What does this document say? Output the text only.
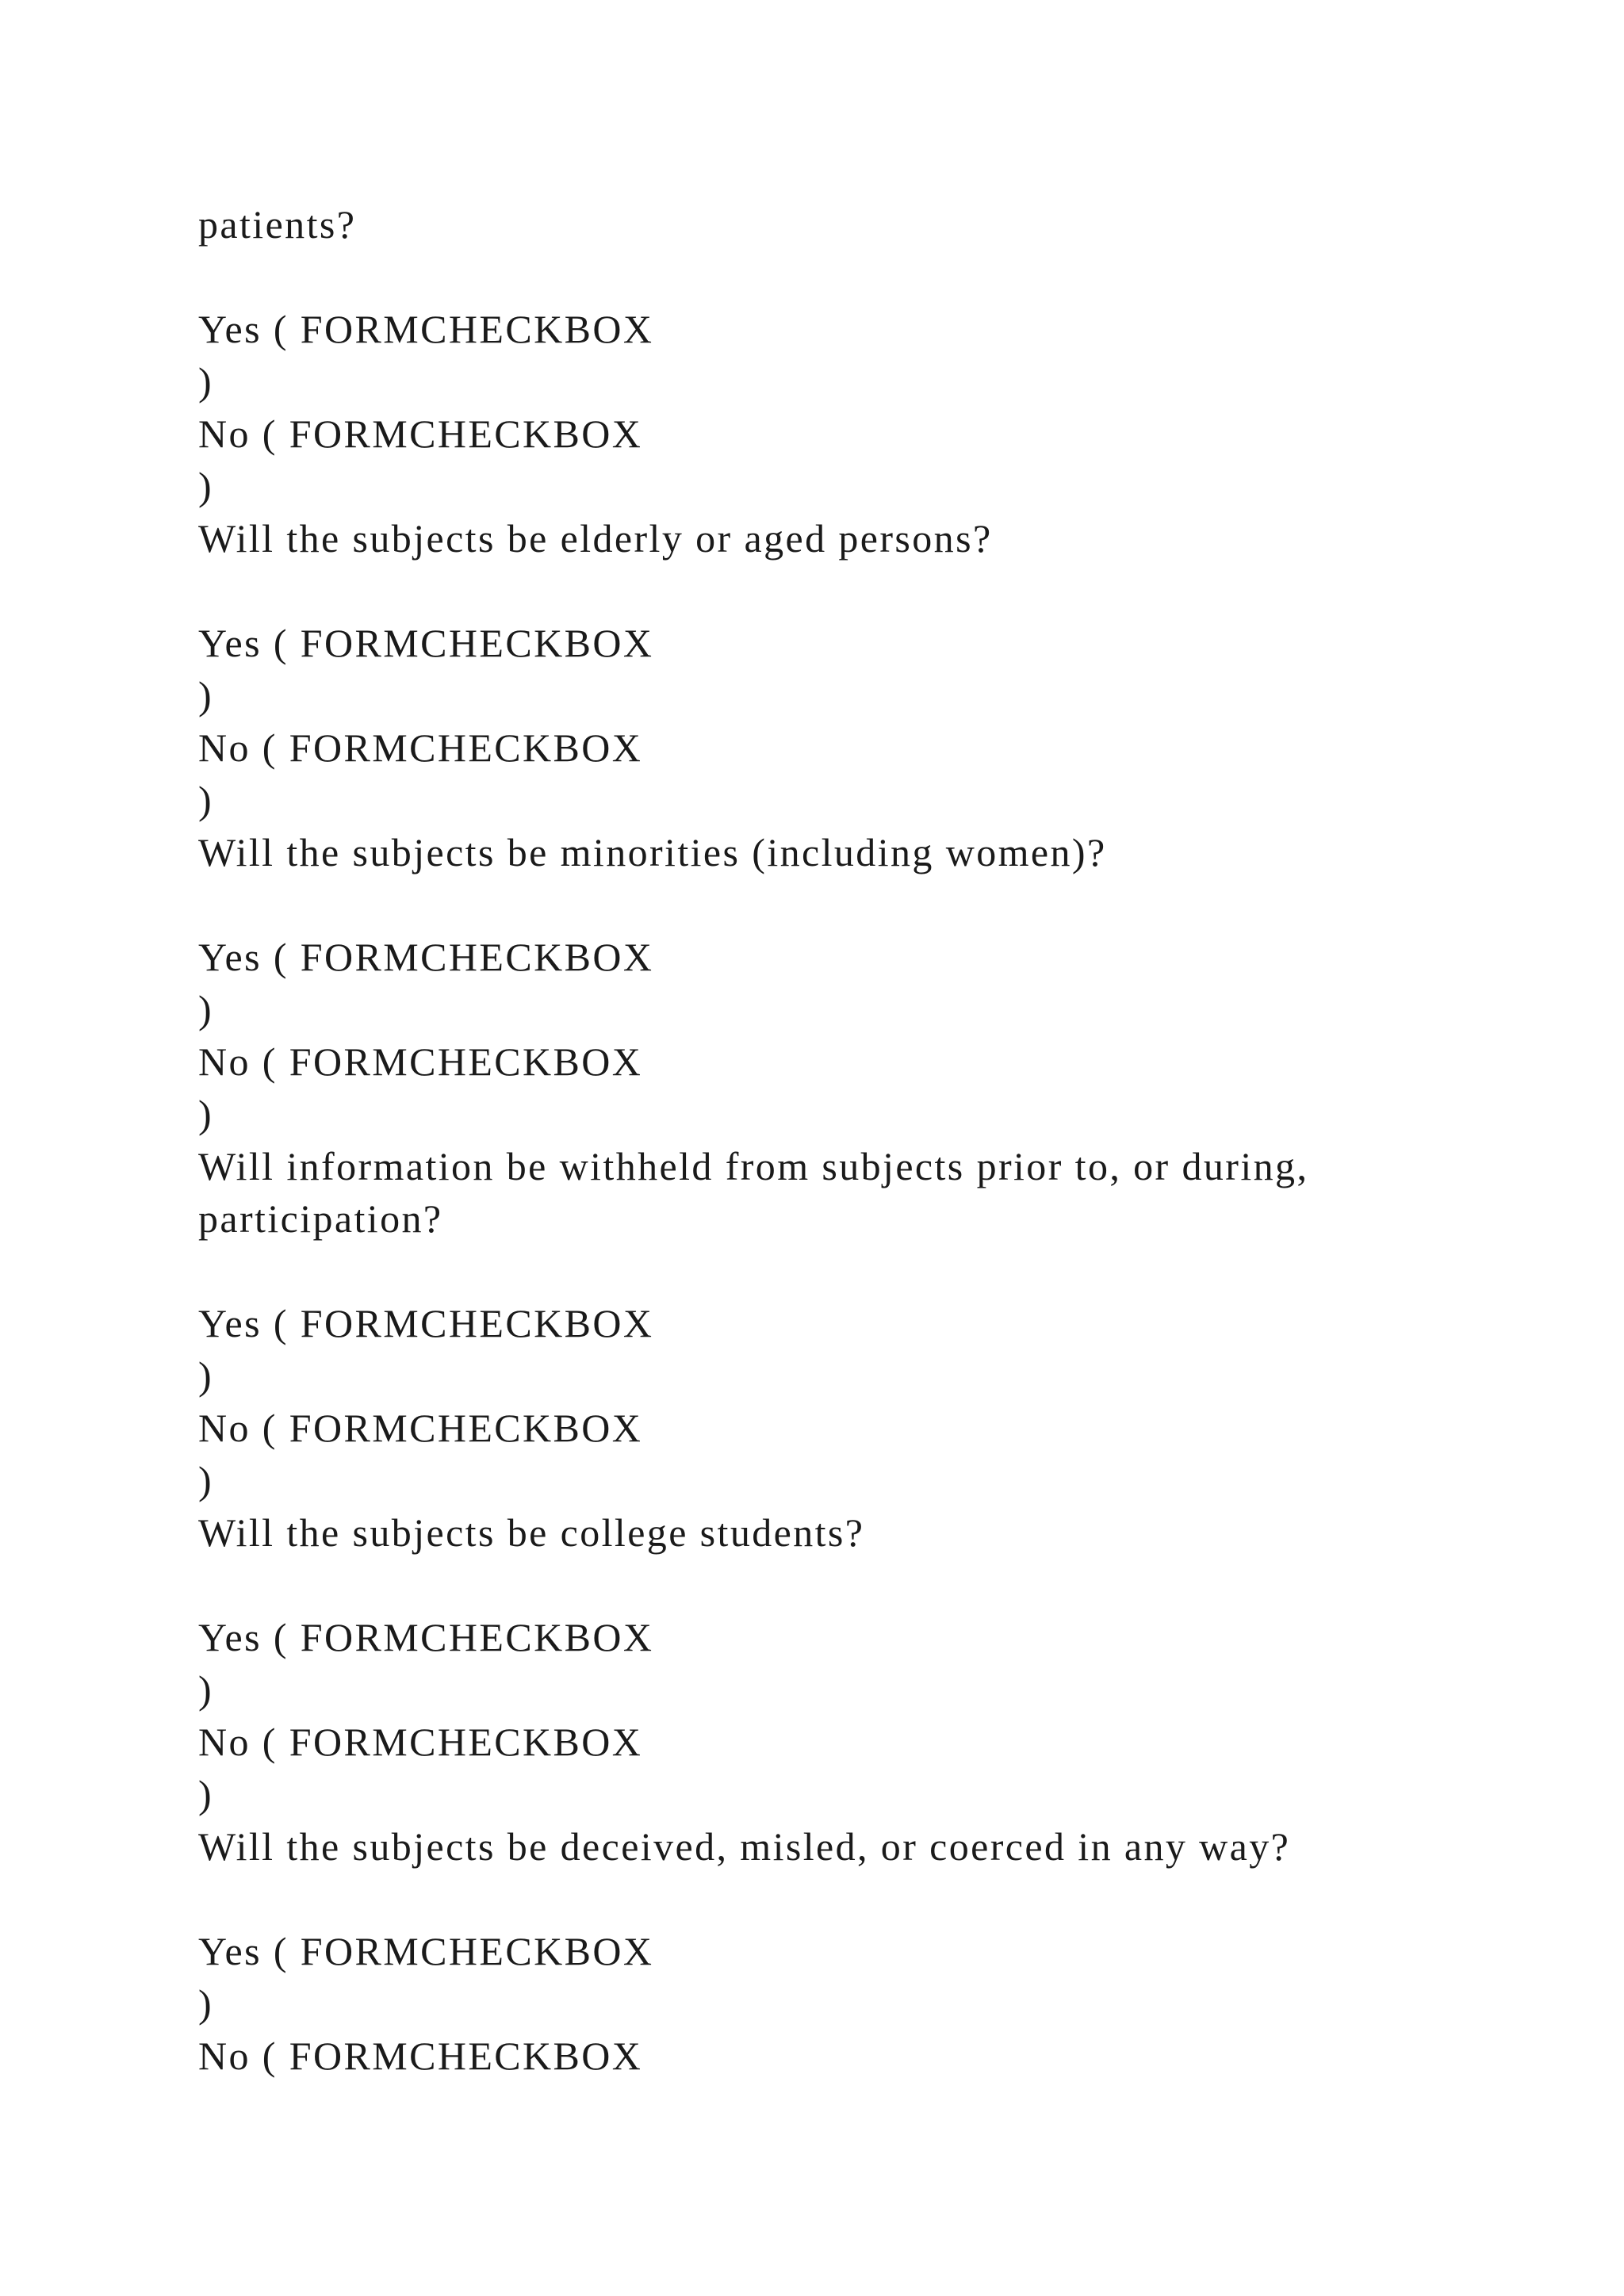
patients?
Yes ( FORMCHECKBOX
)
No ( FORMCHECKBOX
)
Will the subjects be elderly or aged persons?
Yes ( FORMCHECKBOX
)
No ( FORMCHECKBOX
)
Will the subjects be minorities (including women)?
Yes ( FORMCHECKBOX
)
No ( FORMCHECKBOX
)
Will information be withheld from subjects prior to, or during,
participation?
Yes ( FORMCHECKBOX
)
No ( FORMCHECKBOX
)
Will the subjects be college students?
Yes ( FORMCHECKBOX
)
No ( FORMCHECKBOX
)
Will the subjects be deceived, misled, or coerced in any way?
Yes ( FORMCHECKBOX
)
No ( FORMCHECKBOX
